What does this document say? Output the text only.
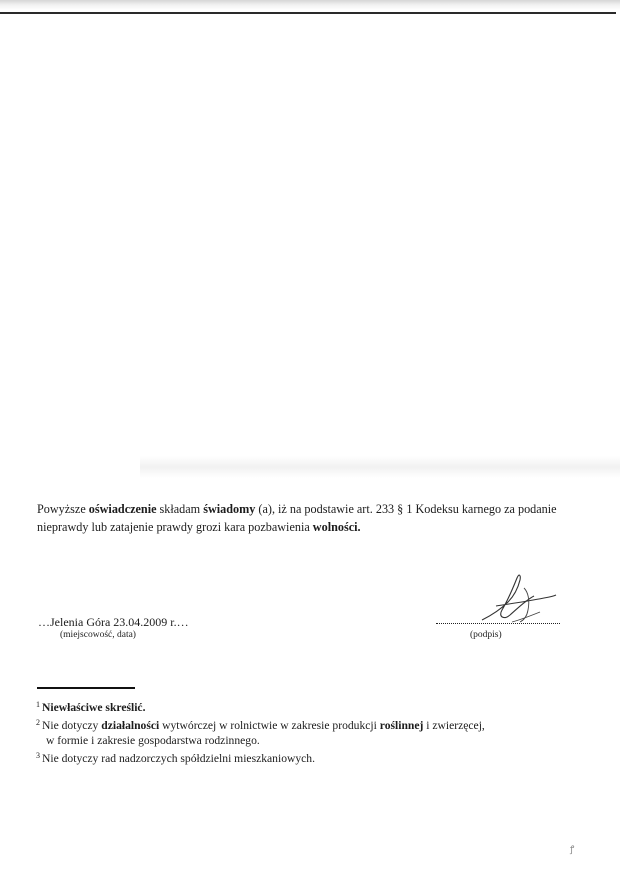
Powyższe oświadczenie składam świadomy (a), iż na podstawie art. 233 § 1 Kodeksu karnego za podanie nieprawdy lub zatajenie prawdy grozi kara pozbawienia wolności.

…Jelenia Góra 23.04.2009 r.…
(miejscowość, data)	(podpis)
$^1$ Niewłaściwe skreślić.
$^2$ Nie dotyczy działalności wytwórczej w rolnictwie w zakresie produkcji roślinnej i zwierzęcej,
w formie i zakresie gospodarstwa rodzinnego.
$^3$ Nie dotyczy rad nadzorczych spółdzielni mieszkaniowych.
ꝭ
